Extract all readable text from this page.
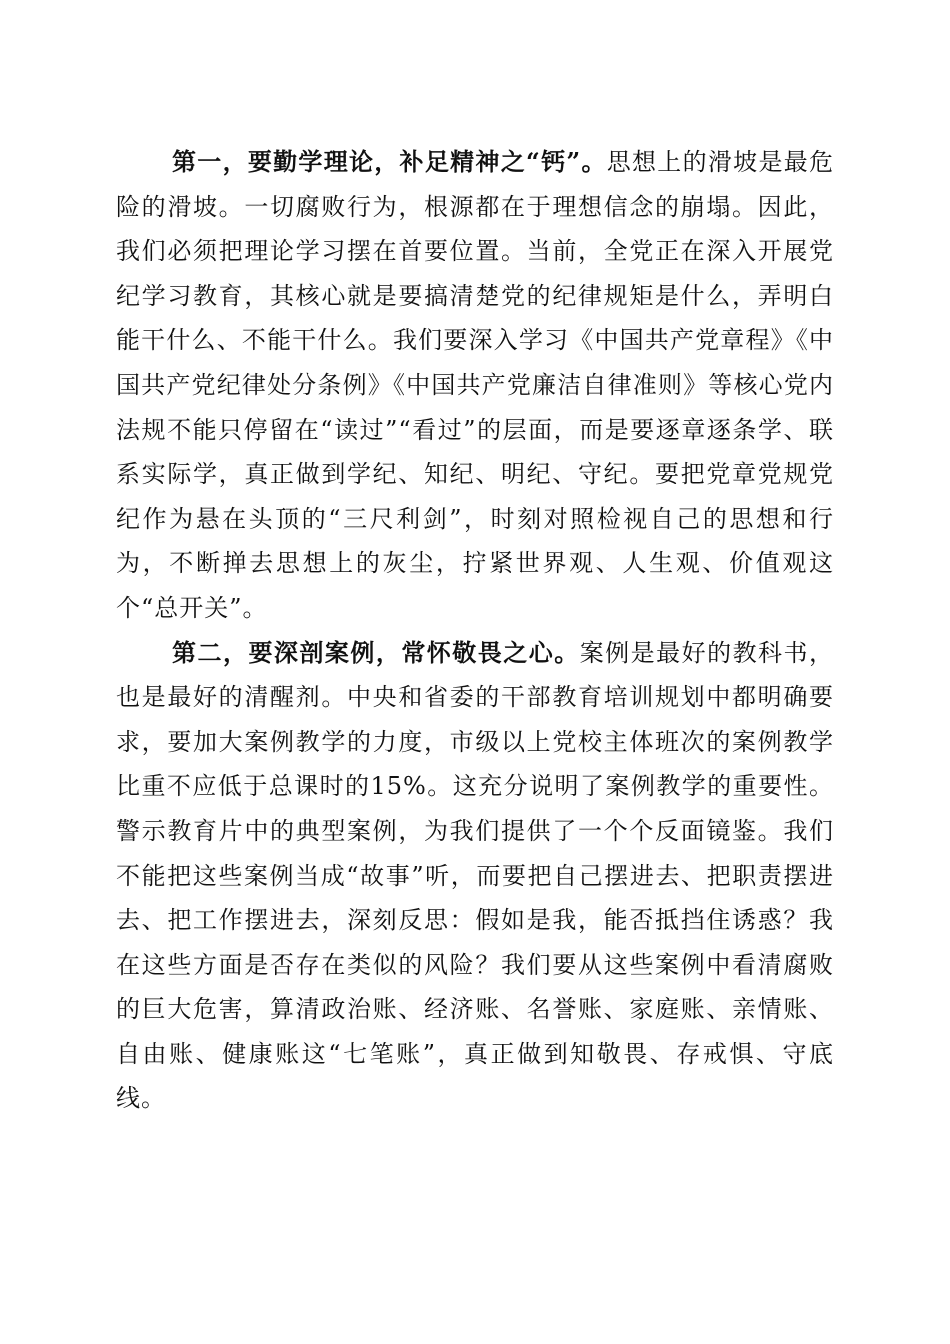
第一，要勤学理论，补足精神之“钙”。思想上的滑坡是最危险的滑坡。一切腐败行为，根源都在于理想信念的崩塌。因此，我们必须把理论学习摆在首要位置。当前，全党正在深入开展党纪学习教育，其核心就是要搞清楚党的纪律规矩是什么，弄明白能干什么、不能干什么。我们要深入学习《中国共产党章程》《中国共产党纪律处分条例》《中国共产党廉洁自律准则》等核心党内法规不能只停留在“读过”“看过”的层面，而是要逐章逐条学、联系实际学，真正做到学纪、知纪、明纪、守纪。要把党章党规党纪作为悬在头顶的“三尺利剑”，时刻对照检视自己的思想和行为，不断掸去思想上的灰尘，拧紧世界观、人生观、价值观这个“总开关”。

第二，要深剖案例，常怀敬畏之心。案例是最好的教科书，也是最好的清醒剂。中央和省委的干部教育培训规划中都明确要求，要加大案例教学的力度，市级以上党校主体班次的案例教学比重不应低于总课时的15%。这充分说明了案例教学的重要性。警示教育片中的典型案例，为我们提供了一个个反面镜鉴。我们不能把这些案例当成“故事”听，而要把自己摆进去、把职责摆进去、把工作摆进去，深刻反思：假如是我，能否抵挡住诱惑？我在这些方面是否存在类似的风险？我们要从这些案例中看清腐败的巨大危害，算清政治账、经济账、名誉账、家庭账、亲情账、自由账、健康账这“七笔账”，真正做到知敬畏、存戒惧、守底线。
